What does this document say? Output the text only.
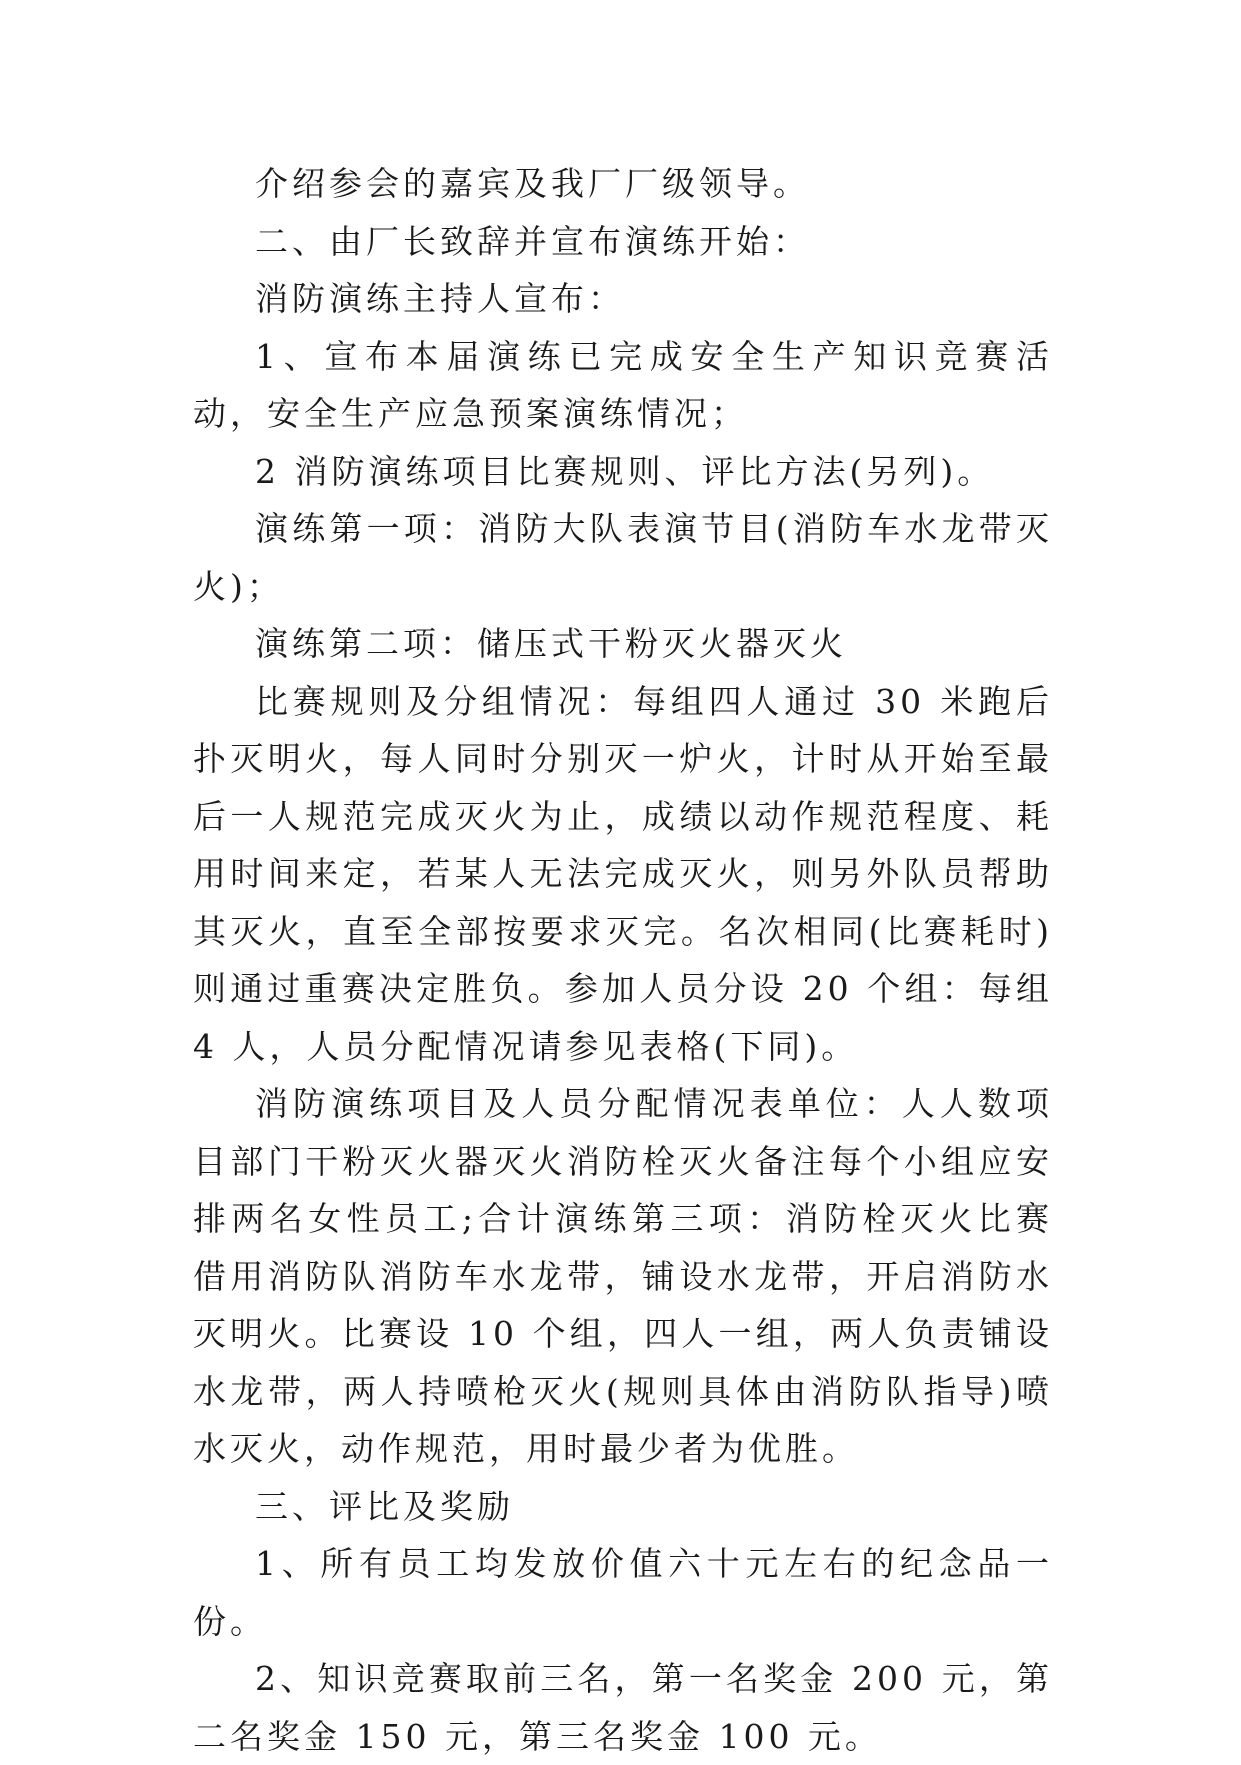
介绍参会的嘉宾及我厂厂级领导。

二、由厂长致辞并宣布演练开始：

消防演练主持人宣布：

1、宣布本届演练已完成安全生产知识竞赛活动，安全生产应急预案演练情况；

2 消防演练项目比赛规则、评比方法(另列)。

演练第一项：消防大队表演节目(消防车水龙带灭火)；

演练第二项：储压式干粉灭火器灭火

比赛规则及分组情况：每组四人通过 30 米跑后扑灭明火，每人同时分别灭一炉火，计时从开始至最后一人规范完成灭火为止，成绩以动作规范程度、耗用时间来定，若某人无法完成灭火，则另外队员帮助其灭火，直至全部按要求灭完。名次相同(比赛耗时)则通过重赛决定胜负。参加人员分设 20 个组：每组 4 人，人员分配情况请参见表格(下同)。

消防演练项目及人员分配情况表单位：人人数项目部门干粉灭火器灭火消防栓灭火备注每个小组应安排两名女性员工;合计演练第三项：消防栓灭火比赛借用消防队消防车水龙带，铺设水龙带，开启消防水灭明火。比赛设 10 个组，四人一组，两人负责铺设水龙带，两人持喷枪灭火(规则具体由消防队指导)喷水灭火，动作规范，用时最少者为优胜。

三、评比及奖励

1、所有员工均发放价值六十元左右的纪念品一份。

2、知识竞赛取前三名，第一名奖金 200 元，第二名奖金 150 元，第三名奖金 100 元。
